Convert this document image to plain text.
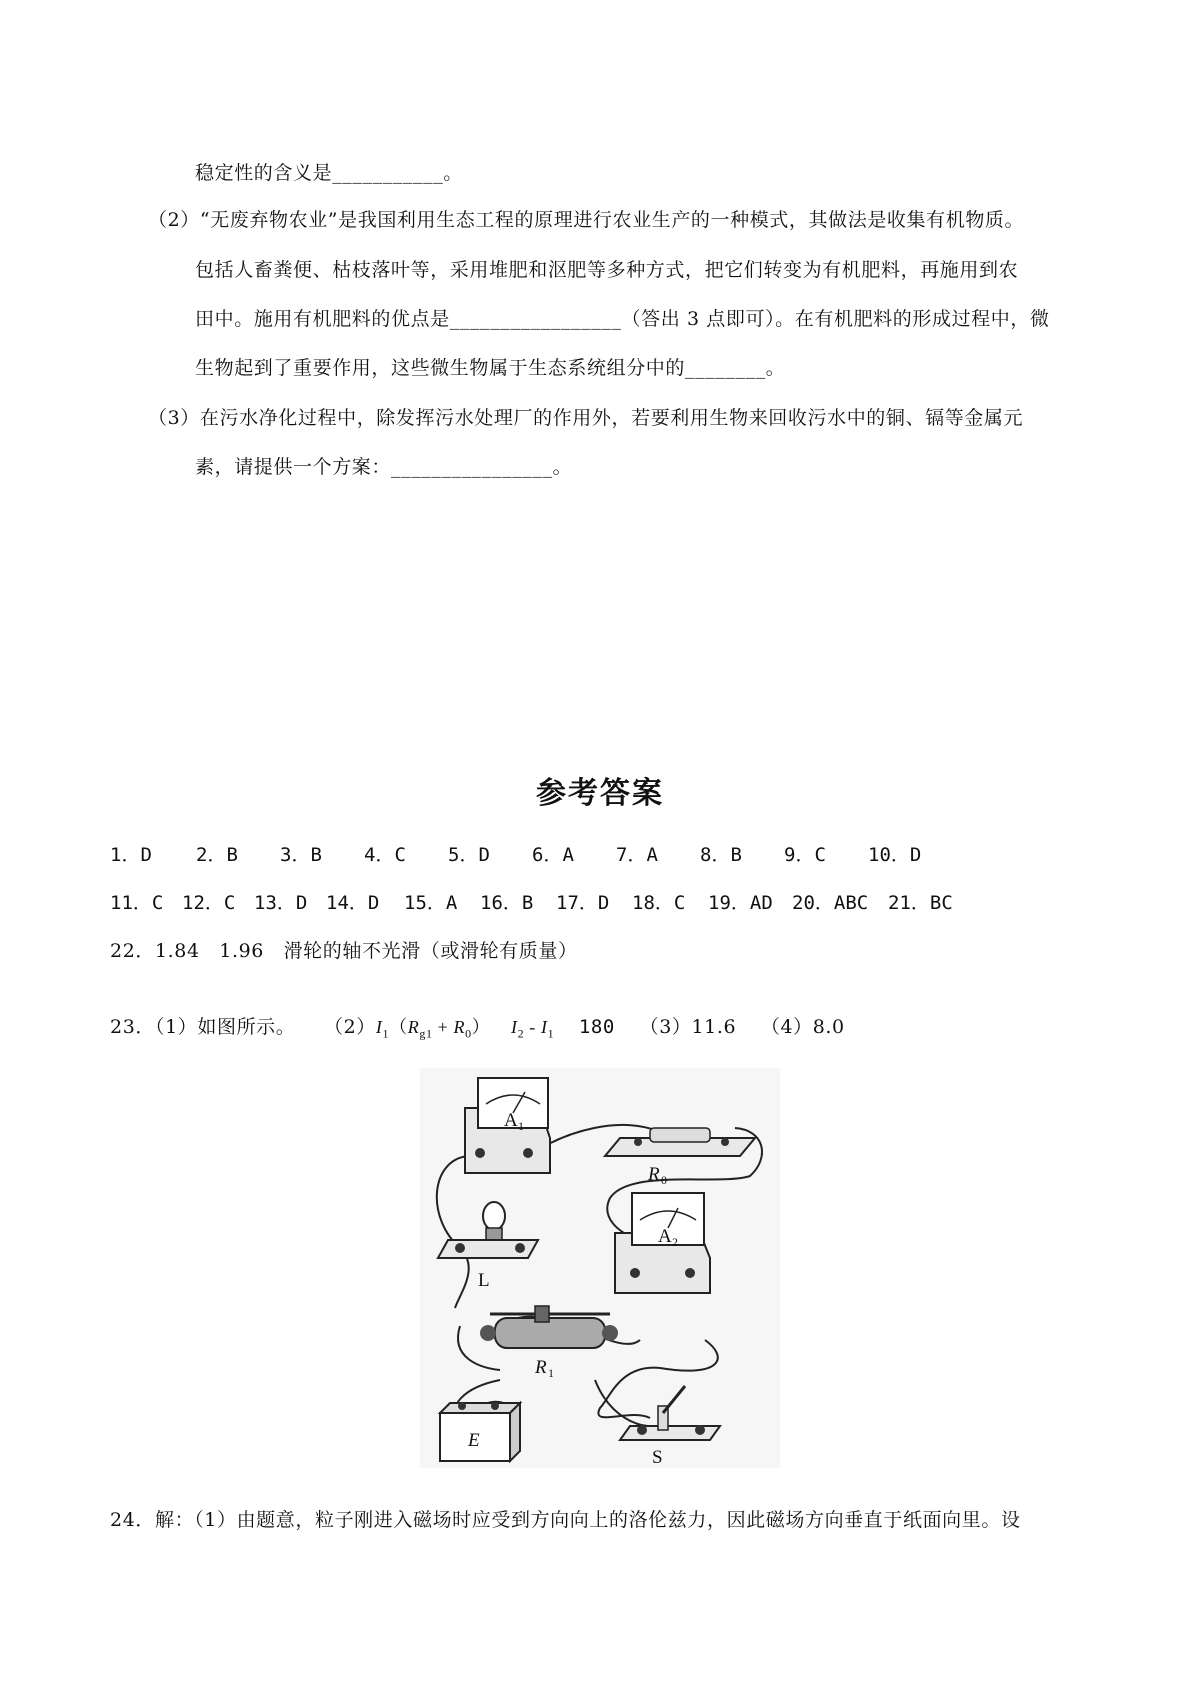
稳定性的含义是___________。
（2）“无废弃物农业”是我国利用生态工程的原理进行农业生产的一种模式，其做法是收集有机物质。
包括人畜粪便、枯枝落叶等，采用堆肥和沤肥等多种方式，把它们转变为有机肥料，再施用到农
田中。施用有机肥料的优点是_________________（答出 3 点即可）。在有机肥料的形成过程中，微
生物起到了重要作用，这些微生物属于生态系统组分中的________。
（3）在污水净化过程中，除发挥污水处理厂的作用外，若要利用生物来回收污水中的铜、镉等金属元
素，请提供一个方案：________________。
参考答案
1．D 2．B 3．B 4．C 5．D 6．A 7．A 8．B 9．C 10．D
11．C 12．C 13．D 14．D 15．A 16．B 17．D 18．C 19．AD 20．ABC 21．BC
22．1.84　1.96　滑轮的轴不光滑（或滑轮有质量）
23．（1）如图所示。 $(2)I_1(R_{g1} + R_0)$ $I_2 - I_1$ 180 （3）11.6 （4）8.0
A 1
R 0
L
A 2
R 1
E
S
24．解：（1）由题意，粒子刚进入磁场时应受到方向向上的洛伦兹力，因此磁场方向垂直于纸面向里。设
